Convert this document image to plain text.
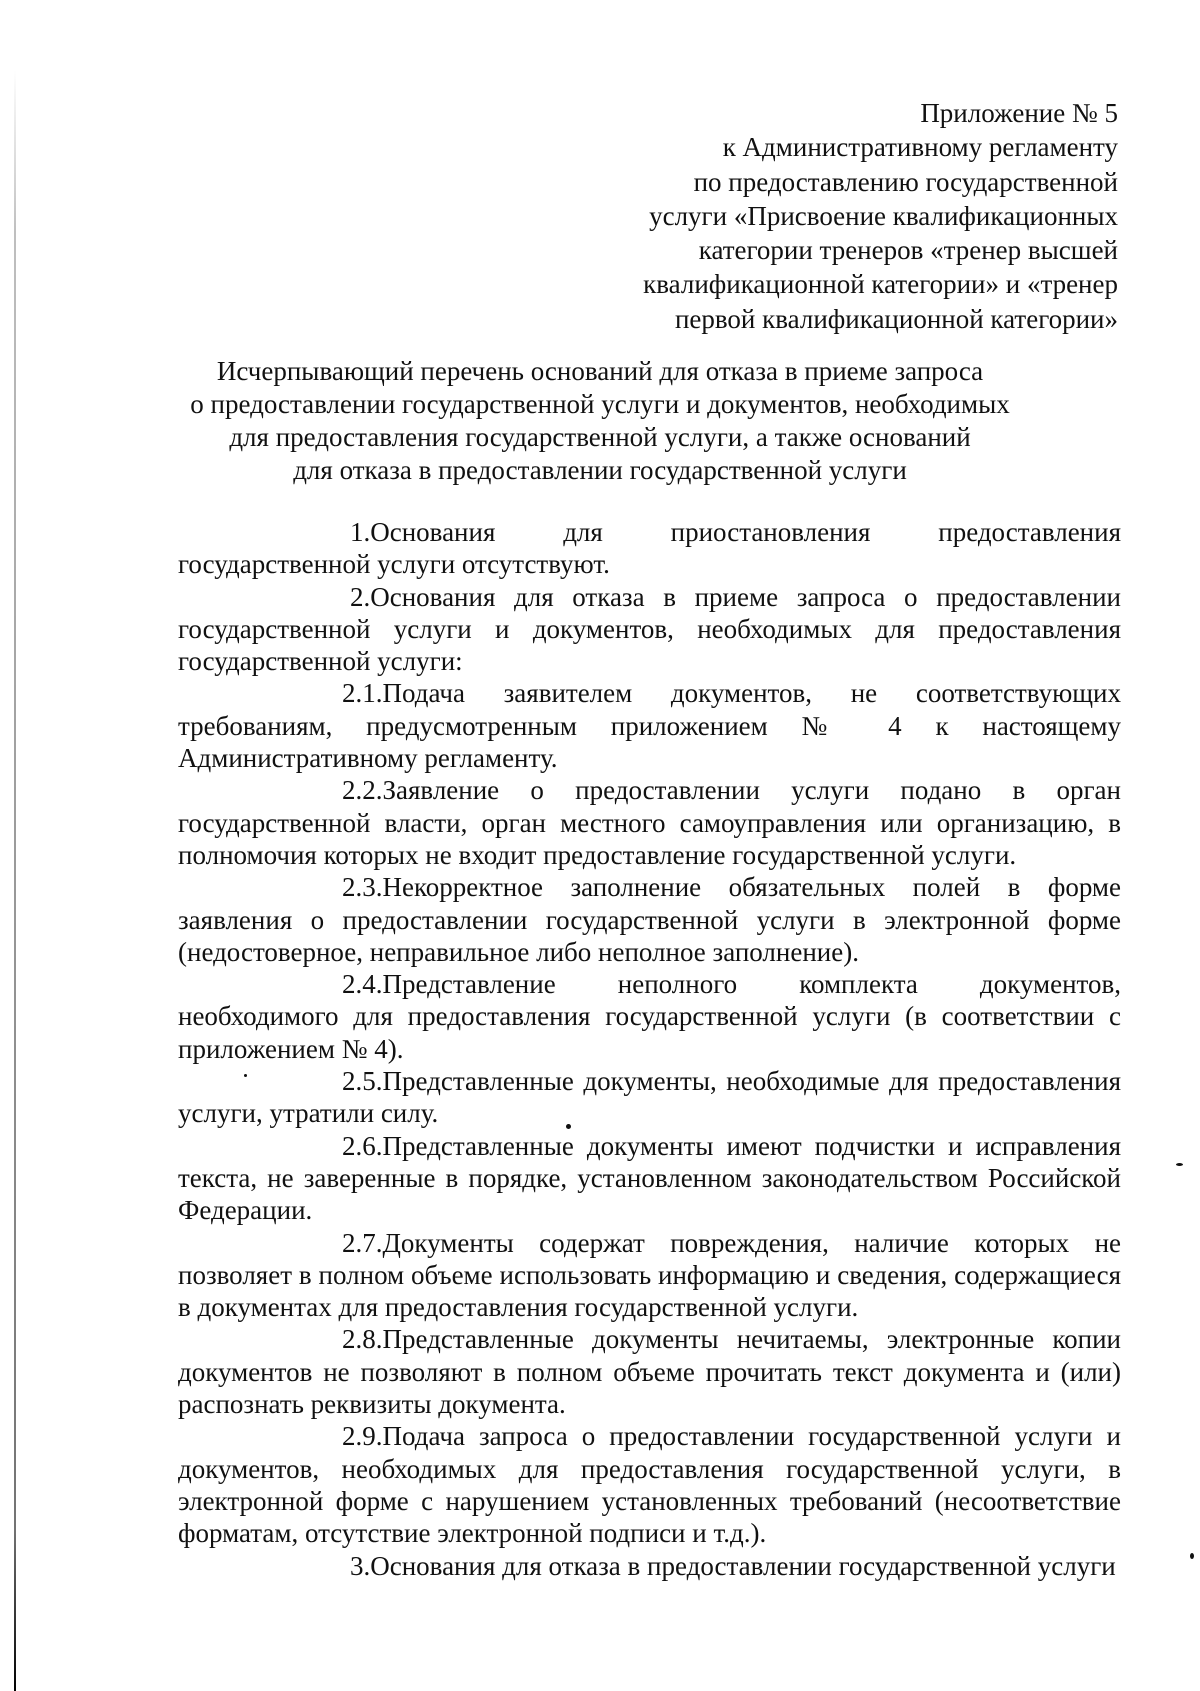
Приложение № 5
к Административному регламенту
по предоставлению государственной
услуги «Присвоение квалификационных
категории тренеров «тренер высшей
квалификационной категории» и «тренер
первой квалификационной категории»
Исчерпывающий перечень оснований для отказа в приеме запроса
о предоставлении государственной услуги и документов, необходимых
для предоставления государственной услуги, а также оснований
для отказа в предоставлении государственной услуги

1.Основания для приостановления предоставления государственной услуги отсутствуют.

2.Основания для отказа в приеме запроса о предоставлении государственной услуги и документов, необходимых для предоставления государственной услуги:

2.1.Подача заявителем документов, не соответствующих требованиям, предусмотренным приложением № 4 к настоящему Административному регламенту.

2.2.Заявление о предоставлении услуги подано в орган государственной власти, орган местного самоуправления или организацию, в полномочия которых не входит предоставление государственной услуги.

2.3.Некорректное заполнение обязательных полей в форме заявления о предоставлении государственной услуги в электронной форме (недостоверное, неправильное либо неполное заполнение).

2.4.Представление неполного комплекта документов, необходимого для предоставления государственной услуги (в соответствии с приложением № 4).

2.5.Представленные документы, необходимые для предоставления услуги, утратили силу.

2.6.Представленные документы имеют подчистки и исправления текста, не заверенные в порядке, установленном законодательством Российской Федерации.

2.7.Документы содержат повреждения, наличие которых не позволяет в полном объеме использовать информацию и сведения, содержащиеся в документах для предоставления государственной услуги.

2.8.Представленные документы нечитаемы, электронные копии документов не позволяют в полном объеме прочитать текст документа и (или) распознать реквизиты документа.

2.9.Подача запроса о предоставлении государственной услуги и документов, необходимых для предоставления государственной услуги, в электронной форме с нарушением установленных требований (несоответствие форматам, отсутствие электронной подписи и т.д.).

3.Основания для отказа в предоставлении государственной услуги
